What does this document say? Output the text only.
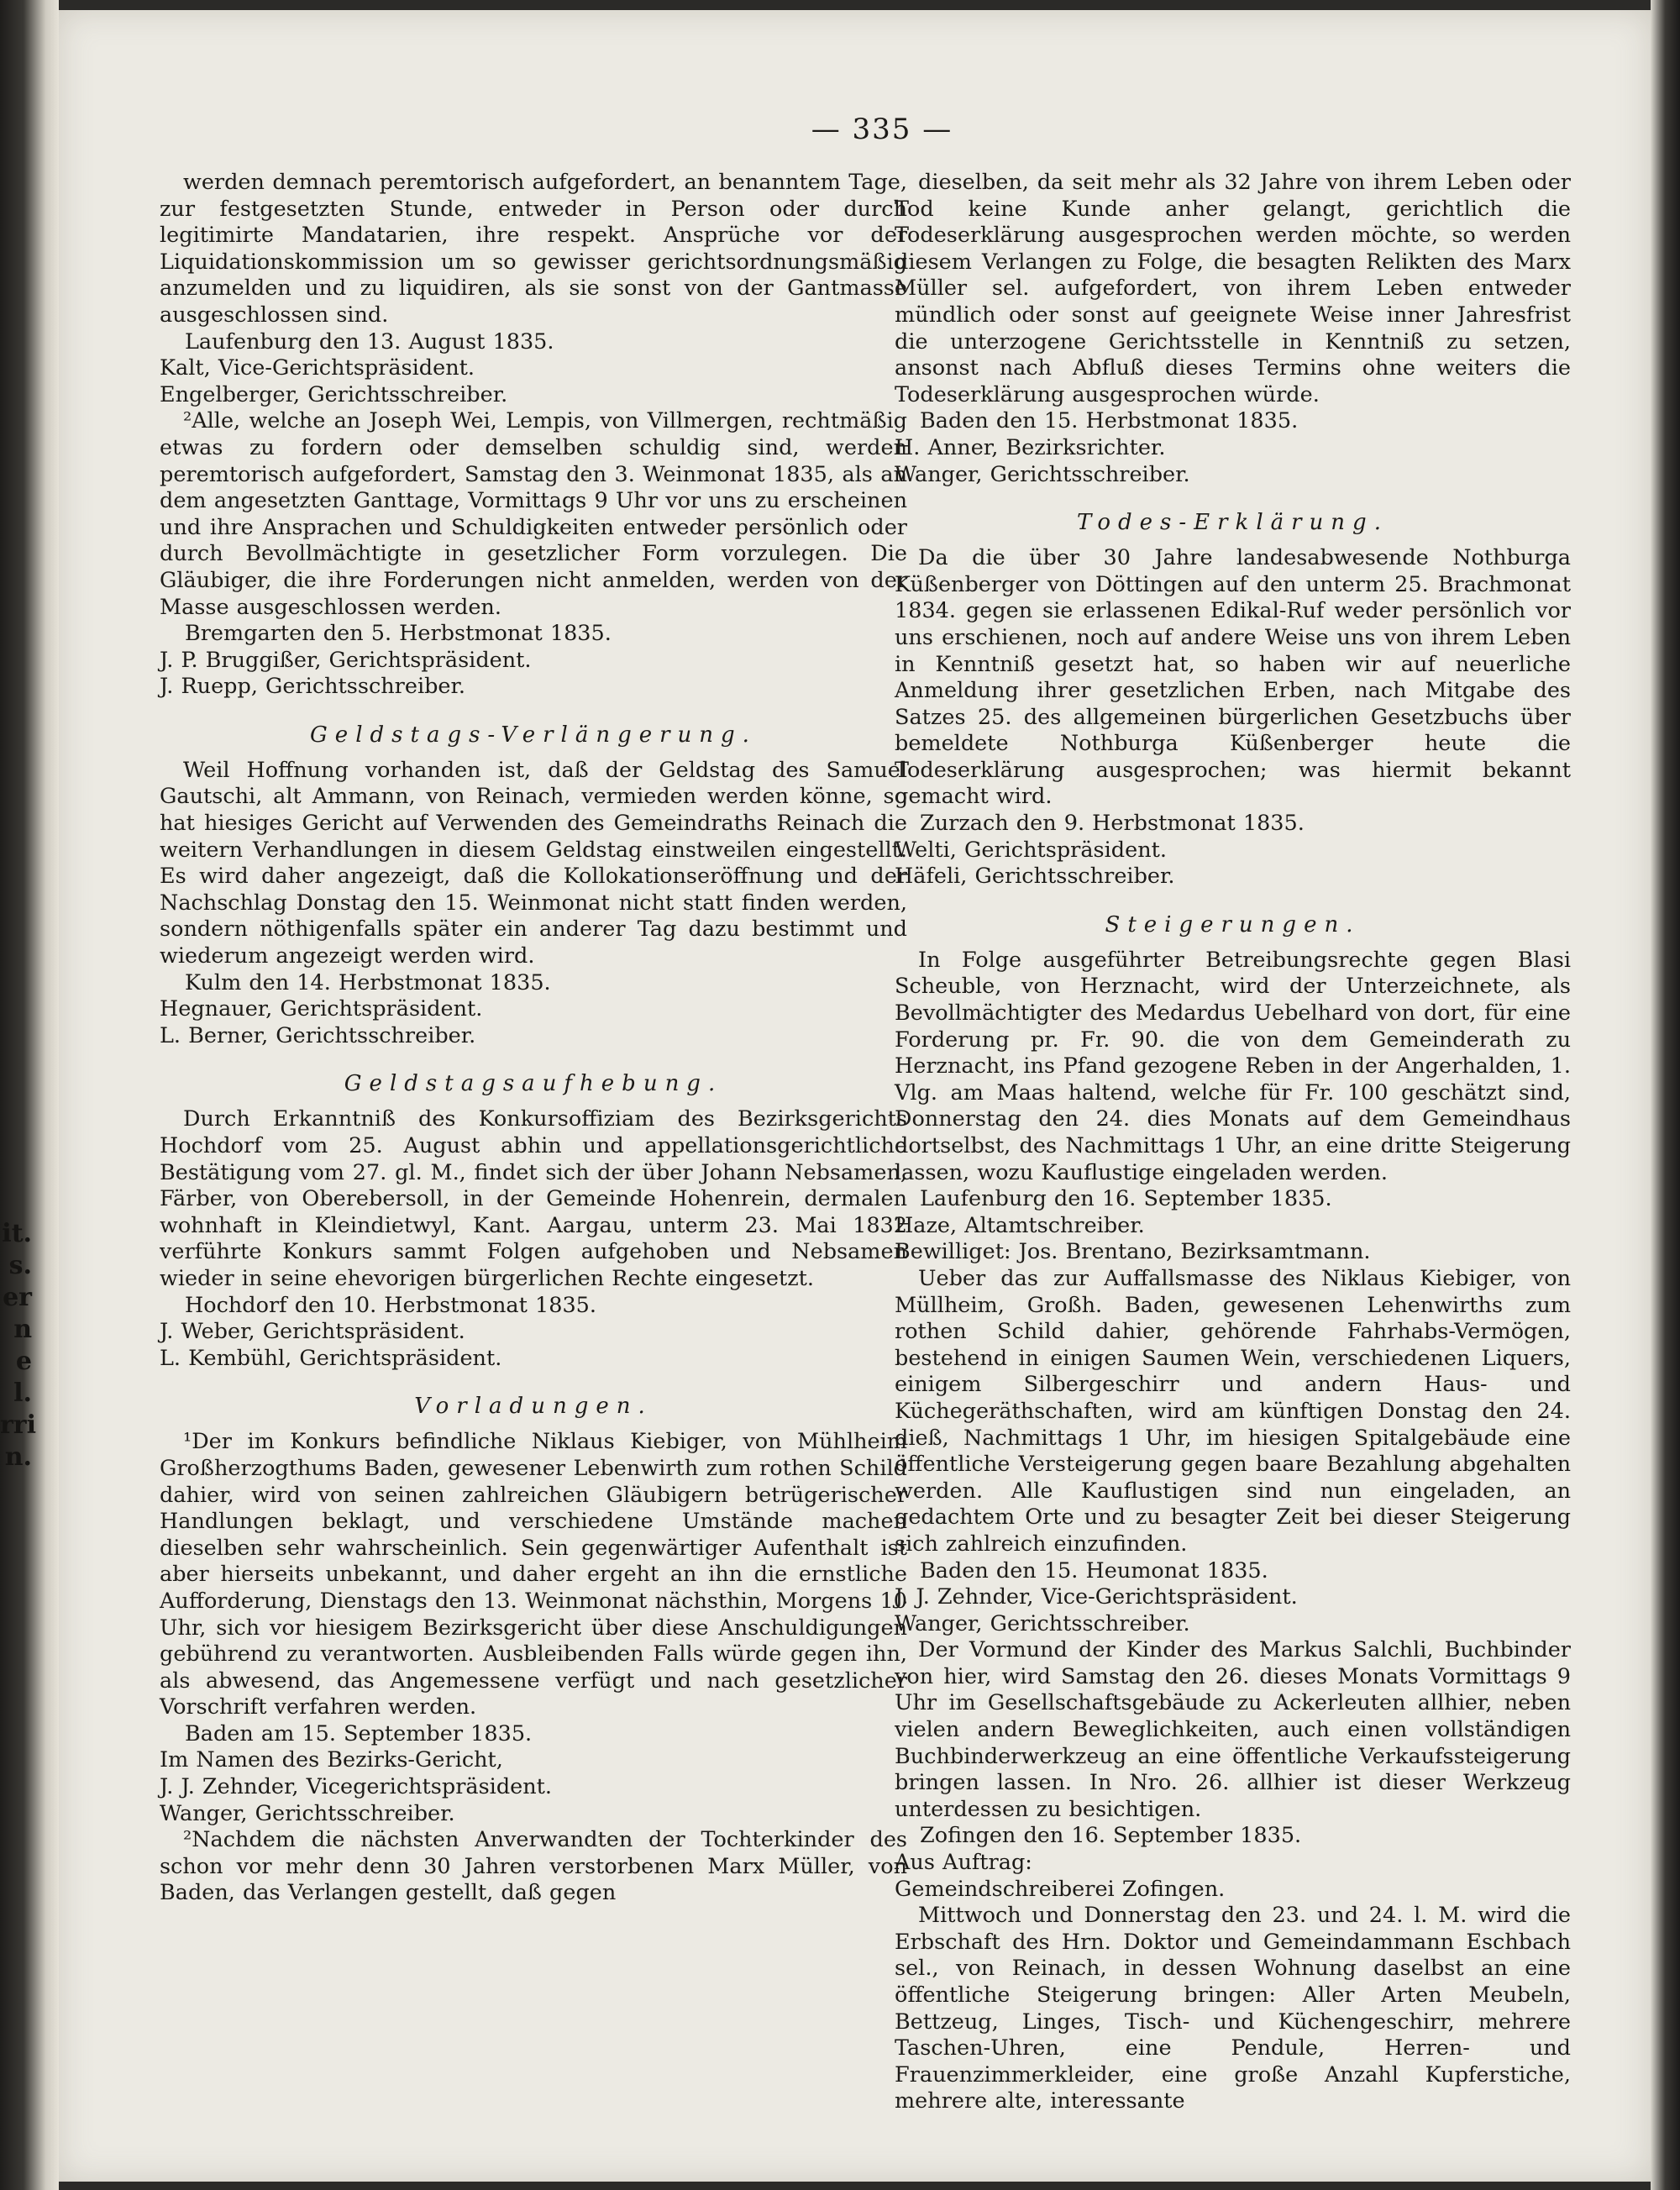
it.
s.
er
n
e
l.
rri
n.
— 335 —

werden demnach peremtorisch aufgefordert, an benanntem Tage, zur festgesetzten Stunde, entweder in Person oder durch legitimirte Mandatarien, ihre respekt. Ansprüche vor der Liquidationskommission um so gewisser gerichtsordnungsmäßig anzumelden und zu liquidiren, als sie sonst von der Gantmasse ausgeschlossen sind.

Laufenburg den 13. August 1835.

Kalt, Vice-Gerichtspräsident.

Engelberger, Gerichtsschreiber.

²Alle, welche an Joseph Wei, Lempis, von Villmergen, rechtmäßig etwas zu fordern oder demselben schuldig sind, werden peremtorisch aufgefordert, Samstag den 3. Weinmonat 1835, als an dem angesetzten Ganttage, Vormittags 9 Uhr vor uns zu erscheinen und ihre Ansprachen und Schuldigkeiten entweder persönlich oder durch Bevollmächtigte in gesetzlicher Form vorzulegen. Die Gläubiger, die ihre Forderungen nicht anmelden, werden von der Masse ausgeschlossen werden.

Bremgarten den 5. Herbstmonat 1835.

J. P. Bruggißer, Gerichtspräsident.

J. Ruepp, Gerichtsschreiber.

Geldstags-Verlängerung.

Weil Hoffnung vorhanden ist, daß der Geldstag des Samuel Gautschi, alt Ammann, von Reinach, vermieden werden könne, so hat hiesiges Gericht auf Verwenden des Gemeindraths Reinach die weitern Verhandlungen in diesem Geldstag einstweilen eingestellt. Es wird daher angezeigt, daß die Kollokationseröffnung und der Nachschlag Donstag den 15. Weinmonat nicht statt finden werden, sondern nöthigenfalls später ein anderer Tag dazu bestimmt und wiederum angezeigt werden wird.

Kulm den 14. Herbstmonat 1835.

Hegnauer, Gerichtspräsident.

L. Berner, Gerichtsschreiber.

Geldstagsaufhebung.

Durch Erkanntniß des Konkursoffiziam des Bezirksgerichts Hochdorf vom 25. August abhin und appellationsgerichtliche Bestätigung vom 27. gl. M., findet sich der über Johann Nebsamen, Färber, von Oberebersoll, in der Gemeinde Hohenrein, dermalen wohnhaft in Kleindietwyl, Kant. Aargau, unterm 23. Mai 1832 verführte Konkurs sammt Folgen aufgehoben und Nebsamen wieder in seine ehevorigen bürgerlichen Rechte eingesetzt.

Hochdorf den 10. Herbstmonat 1835.

J. Weber, Gerichtspräsident.

L. Kembühl, Gerichtspräsident.

Vorladungen.

¹Der im Konkurs befindliche Niklaus Kiebiger, von Mühlheim Großherzogthums Baden, gewesener Lebenwirth zum rothen Schild dahier, wird von seinen zahlreichen Gläubigern betrügerischer Handlungen beklagt, und verschiedene Umstände machen dieselben sehr wahrscheinlich. Sein gegenwärtiger Aufenthalt ist aber hierseits unbekannt, und daher ergeht an ihn die ernstliche Aufforderung, Dienstags den 13. Weinmonat nächsthin, Morgens 10 Uhr, sich vor hiesigem Bezirksgericht über diese Anschuldigungen gebührend zu verantworten. Ausbleibenden Falls würde gegen ihn, als abwesend, das Angemessene verfügt und nach gesetzlicher Vorschrift verfahren werden.

Baden am 15. September 1835.

Im Namen des Bezirks-Gericht,

J. J. Zehnder, Vicegerichtspräsident.

Wanger, Gerichtsschreiber.

²Nachdem die nächsten Anverwandten der Tochterkinder des schon vor mehr denn 30 Jahren verstorbenen Marx Müller, von Baden, das Verlangen gestellt, daß gegen

dieselben, da seit mehr als 32 Jahre von ihrem Leben oder Tod keine Kunde anher gelangt, gerichtlich die Todeserklärung ausgesprochen werden möchte, so werden diesem Verlangen zu Folge, die besagten Relikten des Marx Müller sel. aufgefordert, von ihrem Leben entweder mündlich oder sonst auf geeignete Weise inner Jahresfrist die unterzogene Gerichtsstelle in Kenntniß zu setzen, ansonst nach Abfluß dieses Termins ohne weiters die Todeserklärung ausgesprochen würde.

Baden den 15. Herbstmonat 1835.

H. Anner, Bezirksrichter.

Wanger, Gerichtsschreiber.

Todes-Erklärung.

Da die über 30 Jahre landesabwesende Nothburga Küßenberger von Döttingen auf den unterm 25. Brachmonat 1834. gegen sie erlassenen Edikal-Ruf weder persönlich vor uns erschienen, noch auf andere Weise uns von ihrem Leben in Kenntniß gesetzt hat, so haben wir auf neuerliche Anmeldung ihrer gesetzlichen Erben, nach Mitgabe des Satzes 25. des allgemeinen bürgerlichen Gesetzbuchs über bemeldete Nothburga Küßenberger heute die Todeserklärung ausgesprochen; was hiermit bekannt gemacht wird.

Zurzach den 9. Herbstmonat 1835.

Welti, Gerichtspräsident.

Häfeli, Gerichtsschreiber.

Steigerungen.

In Folge ausgeführter Betreibungsrechte gegen Blasi Scheuble, von Herznacht, wird der Unterzeichnete, als Bevollmächtigter des Medardus Uebelhard von dort, für eine Forderung pr. Fr. 90. die von dem Gemeinderath zu Herznacht, ins Pfand gezogene Reben in der Angerhalden, 1. Vlg. am Maas haltend, welche für Fr. 100 geschätzt sind, Donnerstag den 24. dies Monats auf dem Gemeindhaus dortselbst, des Nachmittags 1 Uhr, an eine dritte Steigerung lassen, wozu Kauflustige eingeladen werden.

Laufenburg den 16. September 1835.

Haze, Altamtschreiber.

Bewilliget: Jos. Brentano, Bezirksamtmann.

Ueber das zur Auffallsmasse des Niklaus Kiebiger, von Müllheim, Großh. Baden, gewesenen Lehenwirths zum rothen Schild dahier, gehörende Fahrhabs-Vermögen, bestehend in einigen Saumen Wein, verschiedenen Liquers, einigem Silbergeschirr und andern Haus- und Küchegeräthschaften, wird am künftigen Donstag den 24. dieß, Nachmittags 1 Uhr, im hiesigen Spitalgebäude eine öffentliche Versteigerung gegen baare Bezahlung abgehalten werden. Alle Kauflustigen sind nun eingeladen, an gedachtem Orte und zu besagter Zeit bei dieser Steigerung sich zahlreich einzufinden.

Baden den 15. Heumonat 1835.

J. J. Zehnder, Vice-Gerichtspräsident.

Wanger, Gerichtsschreiber.

Der Vormund der Kinder des Markus Salchli, Buchbinder von hier, wird Samstag den 26. dieses Monats Vormittags 9 Uhr im Gesellschaftsgebäude zu Ackerleuten allhier, neben vielen andern Beweglichkeiten, auch einen vollständigen Buchbinderwerkzeug an eine öffentliche Verkaufssteigerung bringen lassen. In Nro. 26. allhier ist dieser Werkzeug unterdessen zu besichtigen.

Zofingen den 16. September 1835.

Aus Auftrag:

Gemeindschreiberei Zofingen.

Mittwoch und Donnerstag den 23. und 24. l. M. wird die Erbschaft des Hrn. Doktor und Gemeindammann Eschbach sel., von Reinach, in dessen Wohnung daselbst an eine öffentliche Steigerung bringen: Aller Arten Meubeln, Bettzeug, Linges, Tisch- und Küchengeschirr, mehrere Taschen-Uhren, eine Pendule, Herren- und Frauenzimmerkleider, eine große Anzahl Kupferstiche, mehrere alte, interessante
